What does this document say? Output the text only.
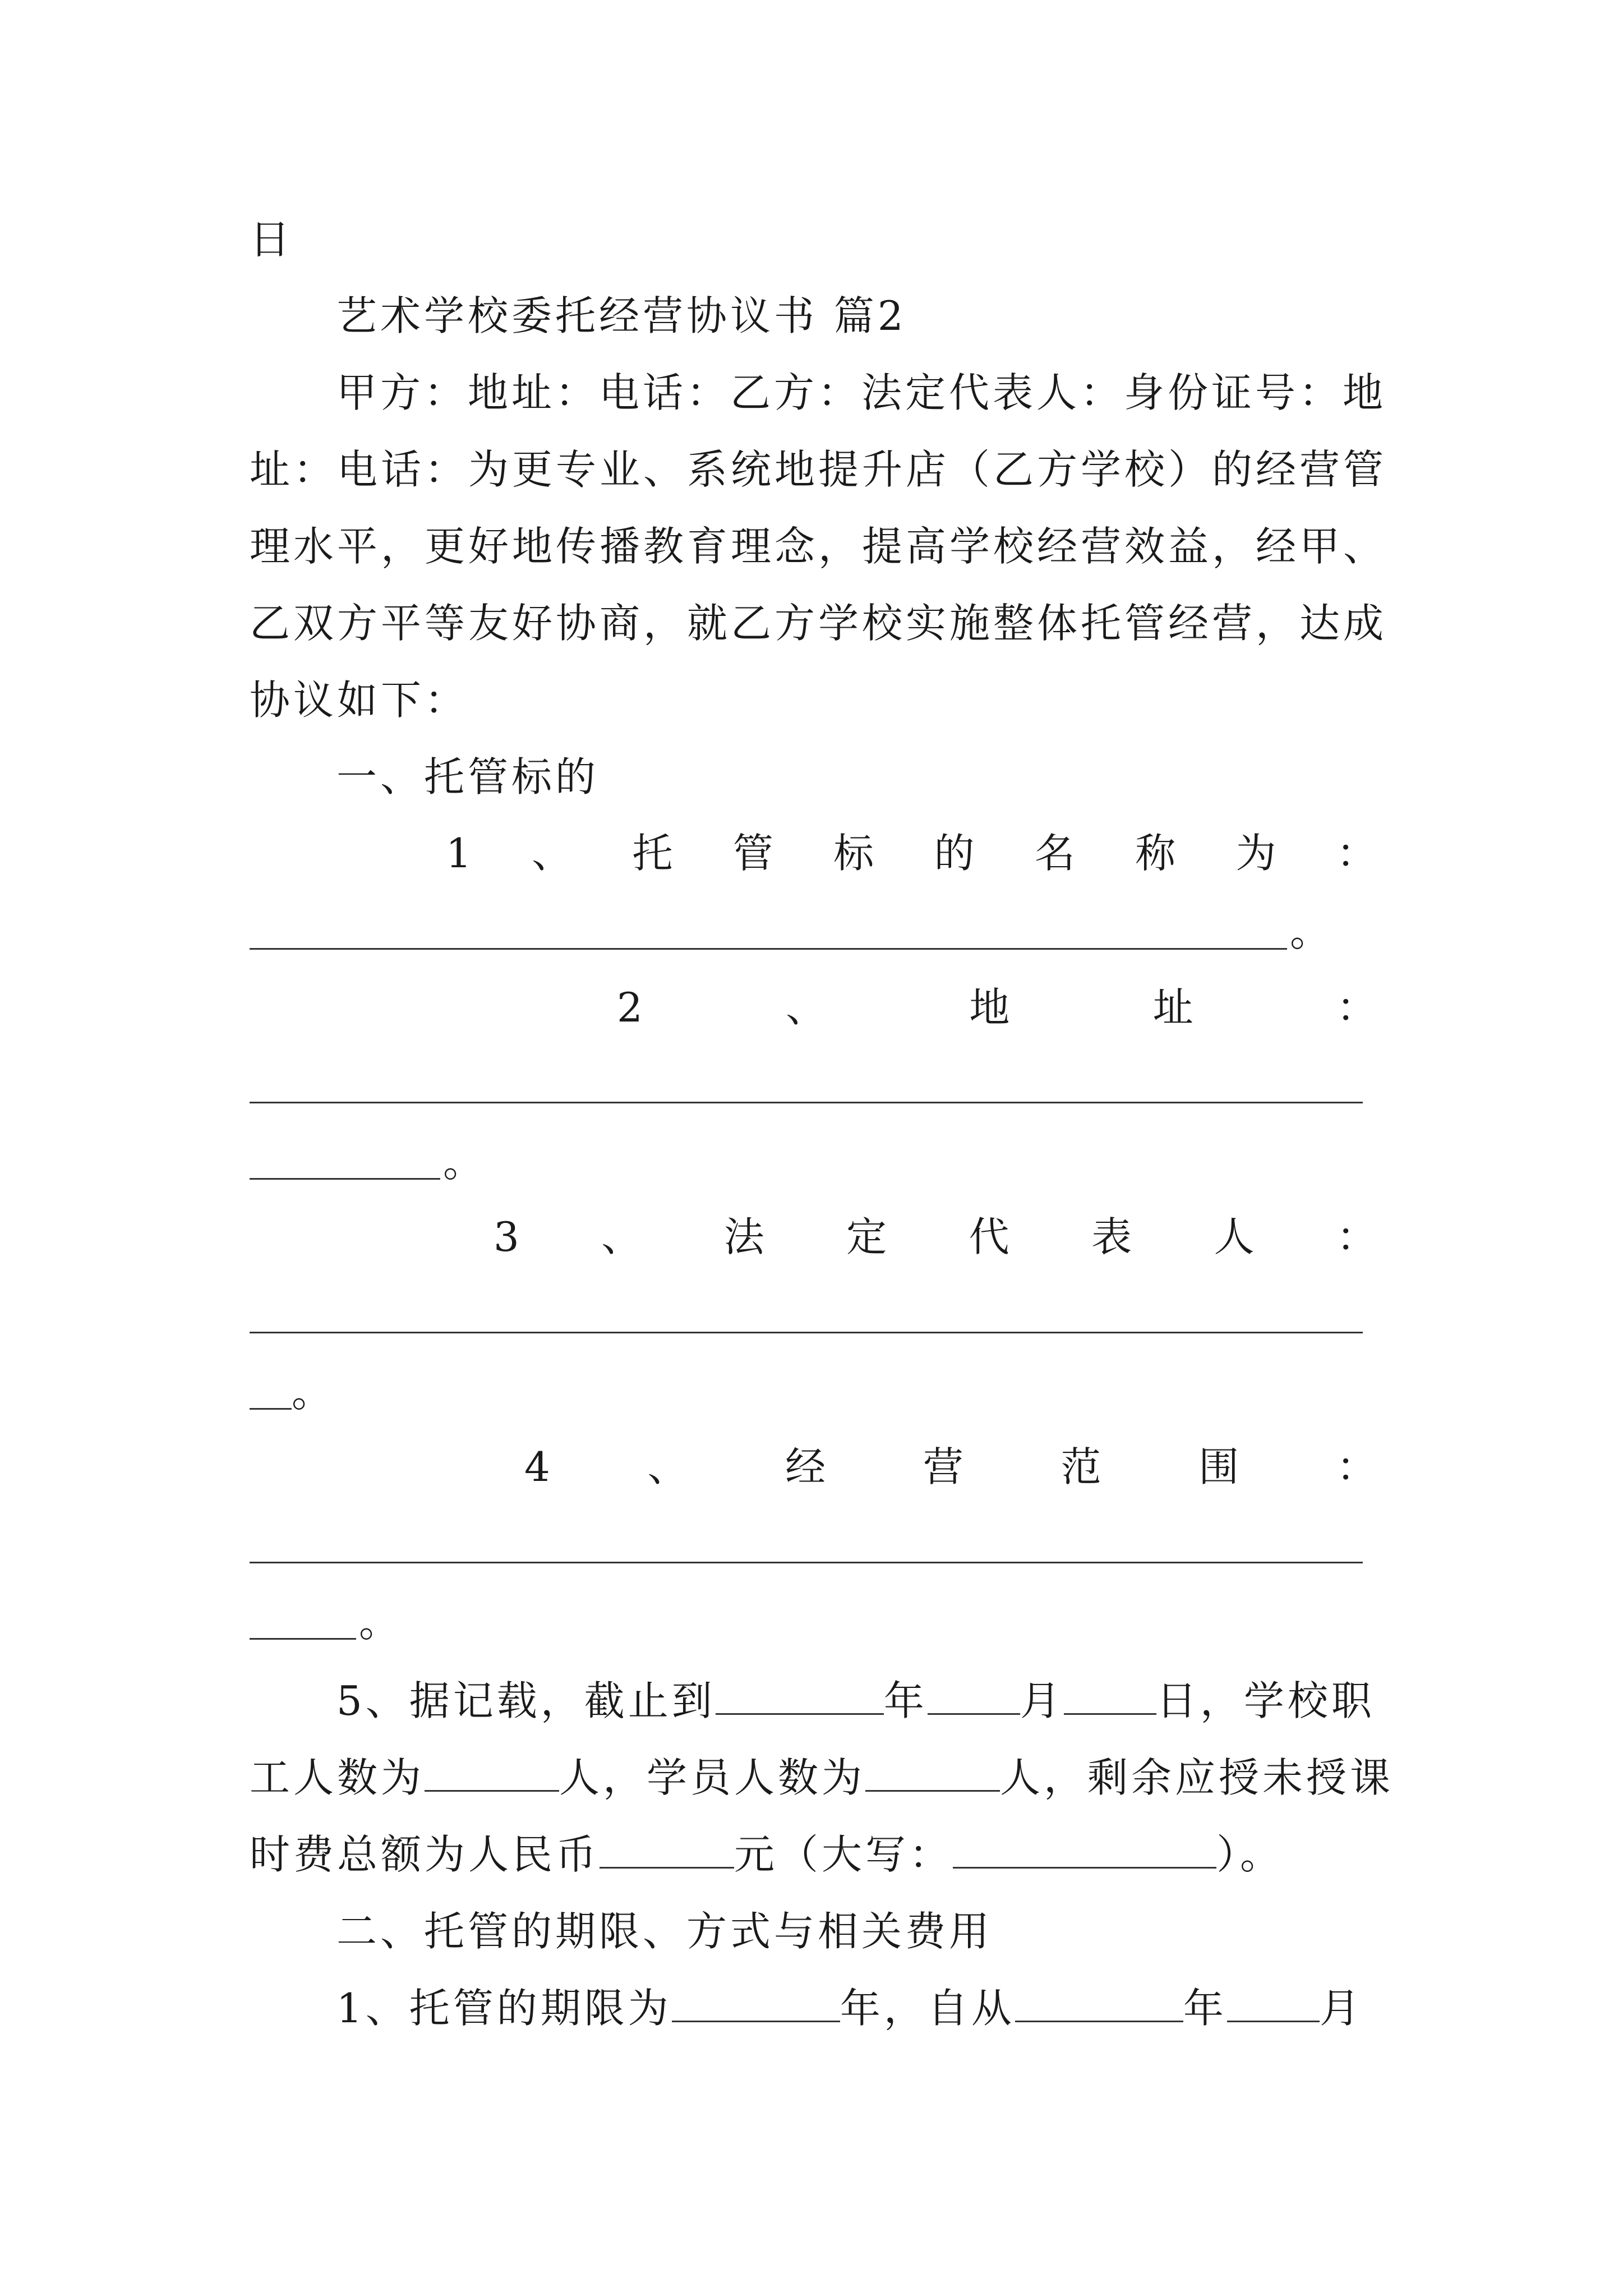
日
艺术学校委托经营协议书 篇2
甲方：地址：电话：乙方：法定代表人：身份证号：地
址：电话：为更专业、系统地提升店（乙方学校）的经营管
理水平，更好地传播教育理念，提高学校经营效益，经甲、
乙双方平等友好协商，就乙方学校实施整体托管经营，达成
协议如下：
一、托管标的
1 、 托 管 标 的 名 称 为 ：
。
2	、	地	址	：
。
3 、 法 定 代 表 人 ：
。
4 、 经 营 范 围 ：
。
5、据记载，截止到	年 月 日，学校职
工人数为	人，学员人数为	人，剩余应授未授课
时费总额为人民币	元（大写：	）。
二、托管的期限、方式与相关费用
1、托管的期限为	年，自从	年 月
